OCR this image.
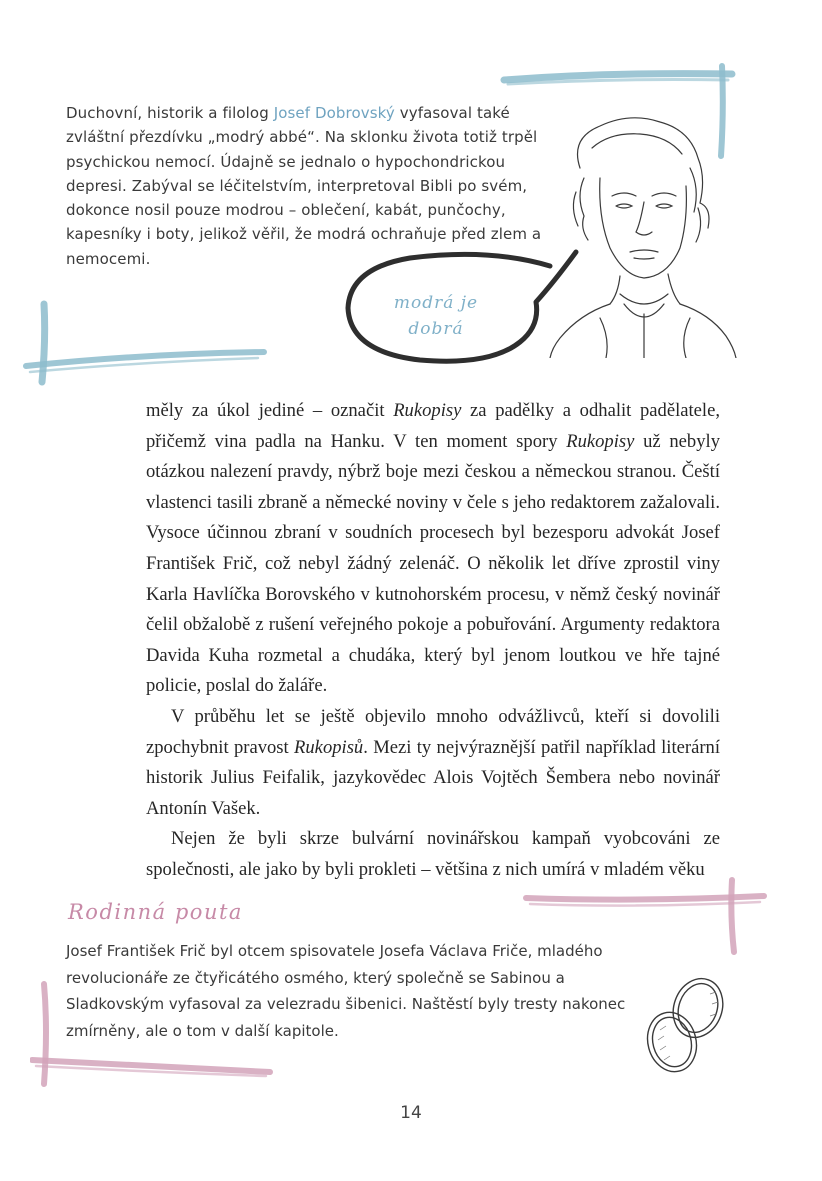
Duchovní, historik a filolog Josef Dobrovský vyfasoval také zvláštní přezdívku „modrý abbé“. Na sklonku života totiž trpěl psychickou nemocí. Údajně se jednalo o hypochondrickou depresi. Zabýval se léčitelstvím, interpretoval Bibli po svém, dokonce nosil pouze modrou – oblečení, kabát, punčochy, kapesníky i boty, jelikož věřil, že modrá ochraňuje před zlem a nemocemi.

modrá je
dobrá

měly za úkol jediné – označit Rukopisy za padělky a odhalit padělatele, přičemž vina padla na Hanku. V ten moment spory Rukopisy už nebyly otázkou nalezení pravdy, nýbrž boje mezi českou a německou stranou. Čeští vlastenci tasili zbraně a německé noviny v čele s jeho redaktorem zažalovali. Vysoce účinnou zbraní v soudních procesech byl bezesporu advokát Josef František Frič, což nebyl žádný zelenáč. O několik let dříve zprostil viny Karla Havlíčka Borovského v kutnohorském procesu, v němž český novinář čelil obžalobě z rušení veřejného pokoje a pobuřování. Argumenty redaktora Davida Kuha rozmetal a chudáka, který byl jenom loutkou ve hře tajné policie, poslal do žaláře.

V průběhu let se ještě objevilo mnoho odvážlivců, kteří si dovolili zpochybnit pravost Rukopisů. Mezi ty nejvýraznější patřil například literární historik Julius Feifalik, jazykovědec Alois Vojtěch Šembera nebo novinář Antonín Vašek.

Nejen že byli skrze bulvární novinářskou kampaň vyobcováni ze společnosti, ale jako by byli prokleti – většina z nich umírá v mladém věku

Rodinná pouta

Josef František Frič byl otcem spisovatele Josefa Václava Friče, mladého revolucionáře ze čtyřicátého osmého, který společně se Sabinou a Sladkovským vyfasoval za velezradu šibenici. Naštěstí byly tresty nakonec zmírněny, ale o tom v další kapitole.

14
